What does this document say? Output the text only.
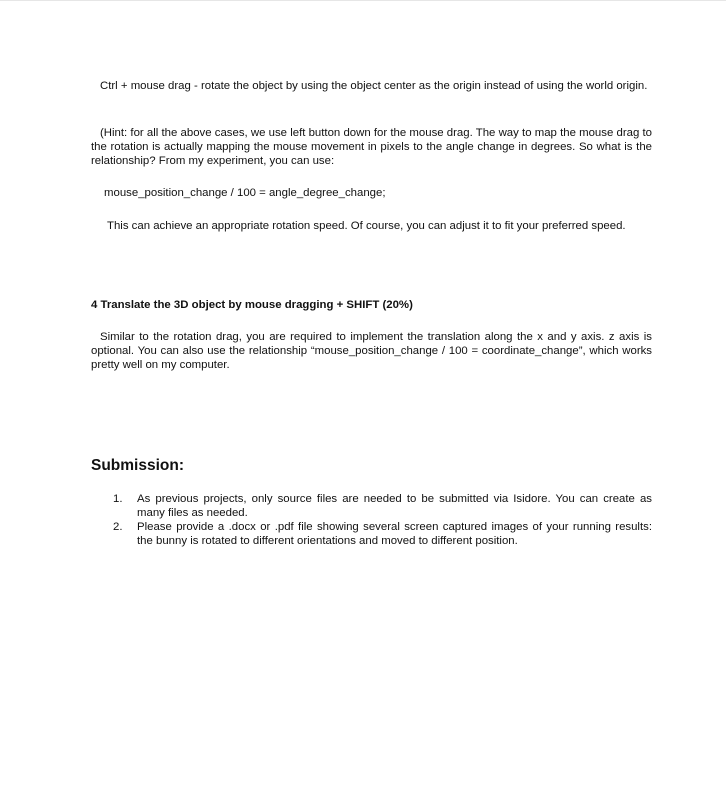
Ctrl + mouse drag - rotate the object by using the object center as the origin instead of using the world origin.

(Hint: for all the above cases, we use left button down for the mouse drag. The way to map the mouse drag to the rotation is actually mapping the mouse movement in pixels to the angle change in degrees. So what is the relationship? From my experiment, you can use:

mouse_position_change / 100 = angle_degree_change;

This can achieve an appropriate rotation speed. Of course, you can adjust it to fit your preferred speed.

4 Translate the 3D object by mouse dragging + SHIFT (20%)

Similar to the rotation drag, you are required to implement the translation along the x and y axis. z axis is optional. You can also use the relationship “mouse_position_change / 100 = coordinate_change”, which works pretty well on my computer.

Submission:
1. As previous projects, only source files are needed to be submitted via Isidore. You can create as many files as needed.
2. Please provide a .docx or .pdf file showing several screen captured images of your running results: the bunny is rotated to different orientations and moved to different position.
